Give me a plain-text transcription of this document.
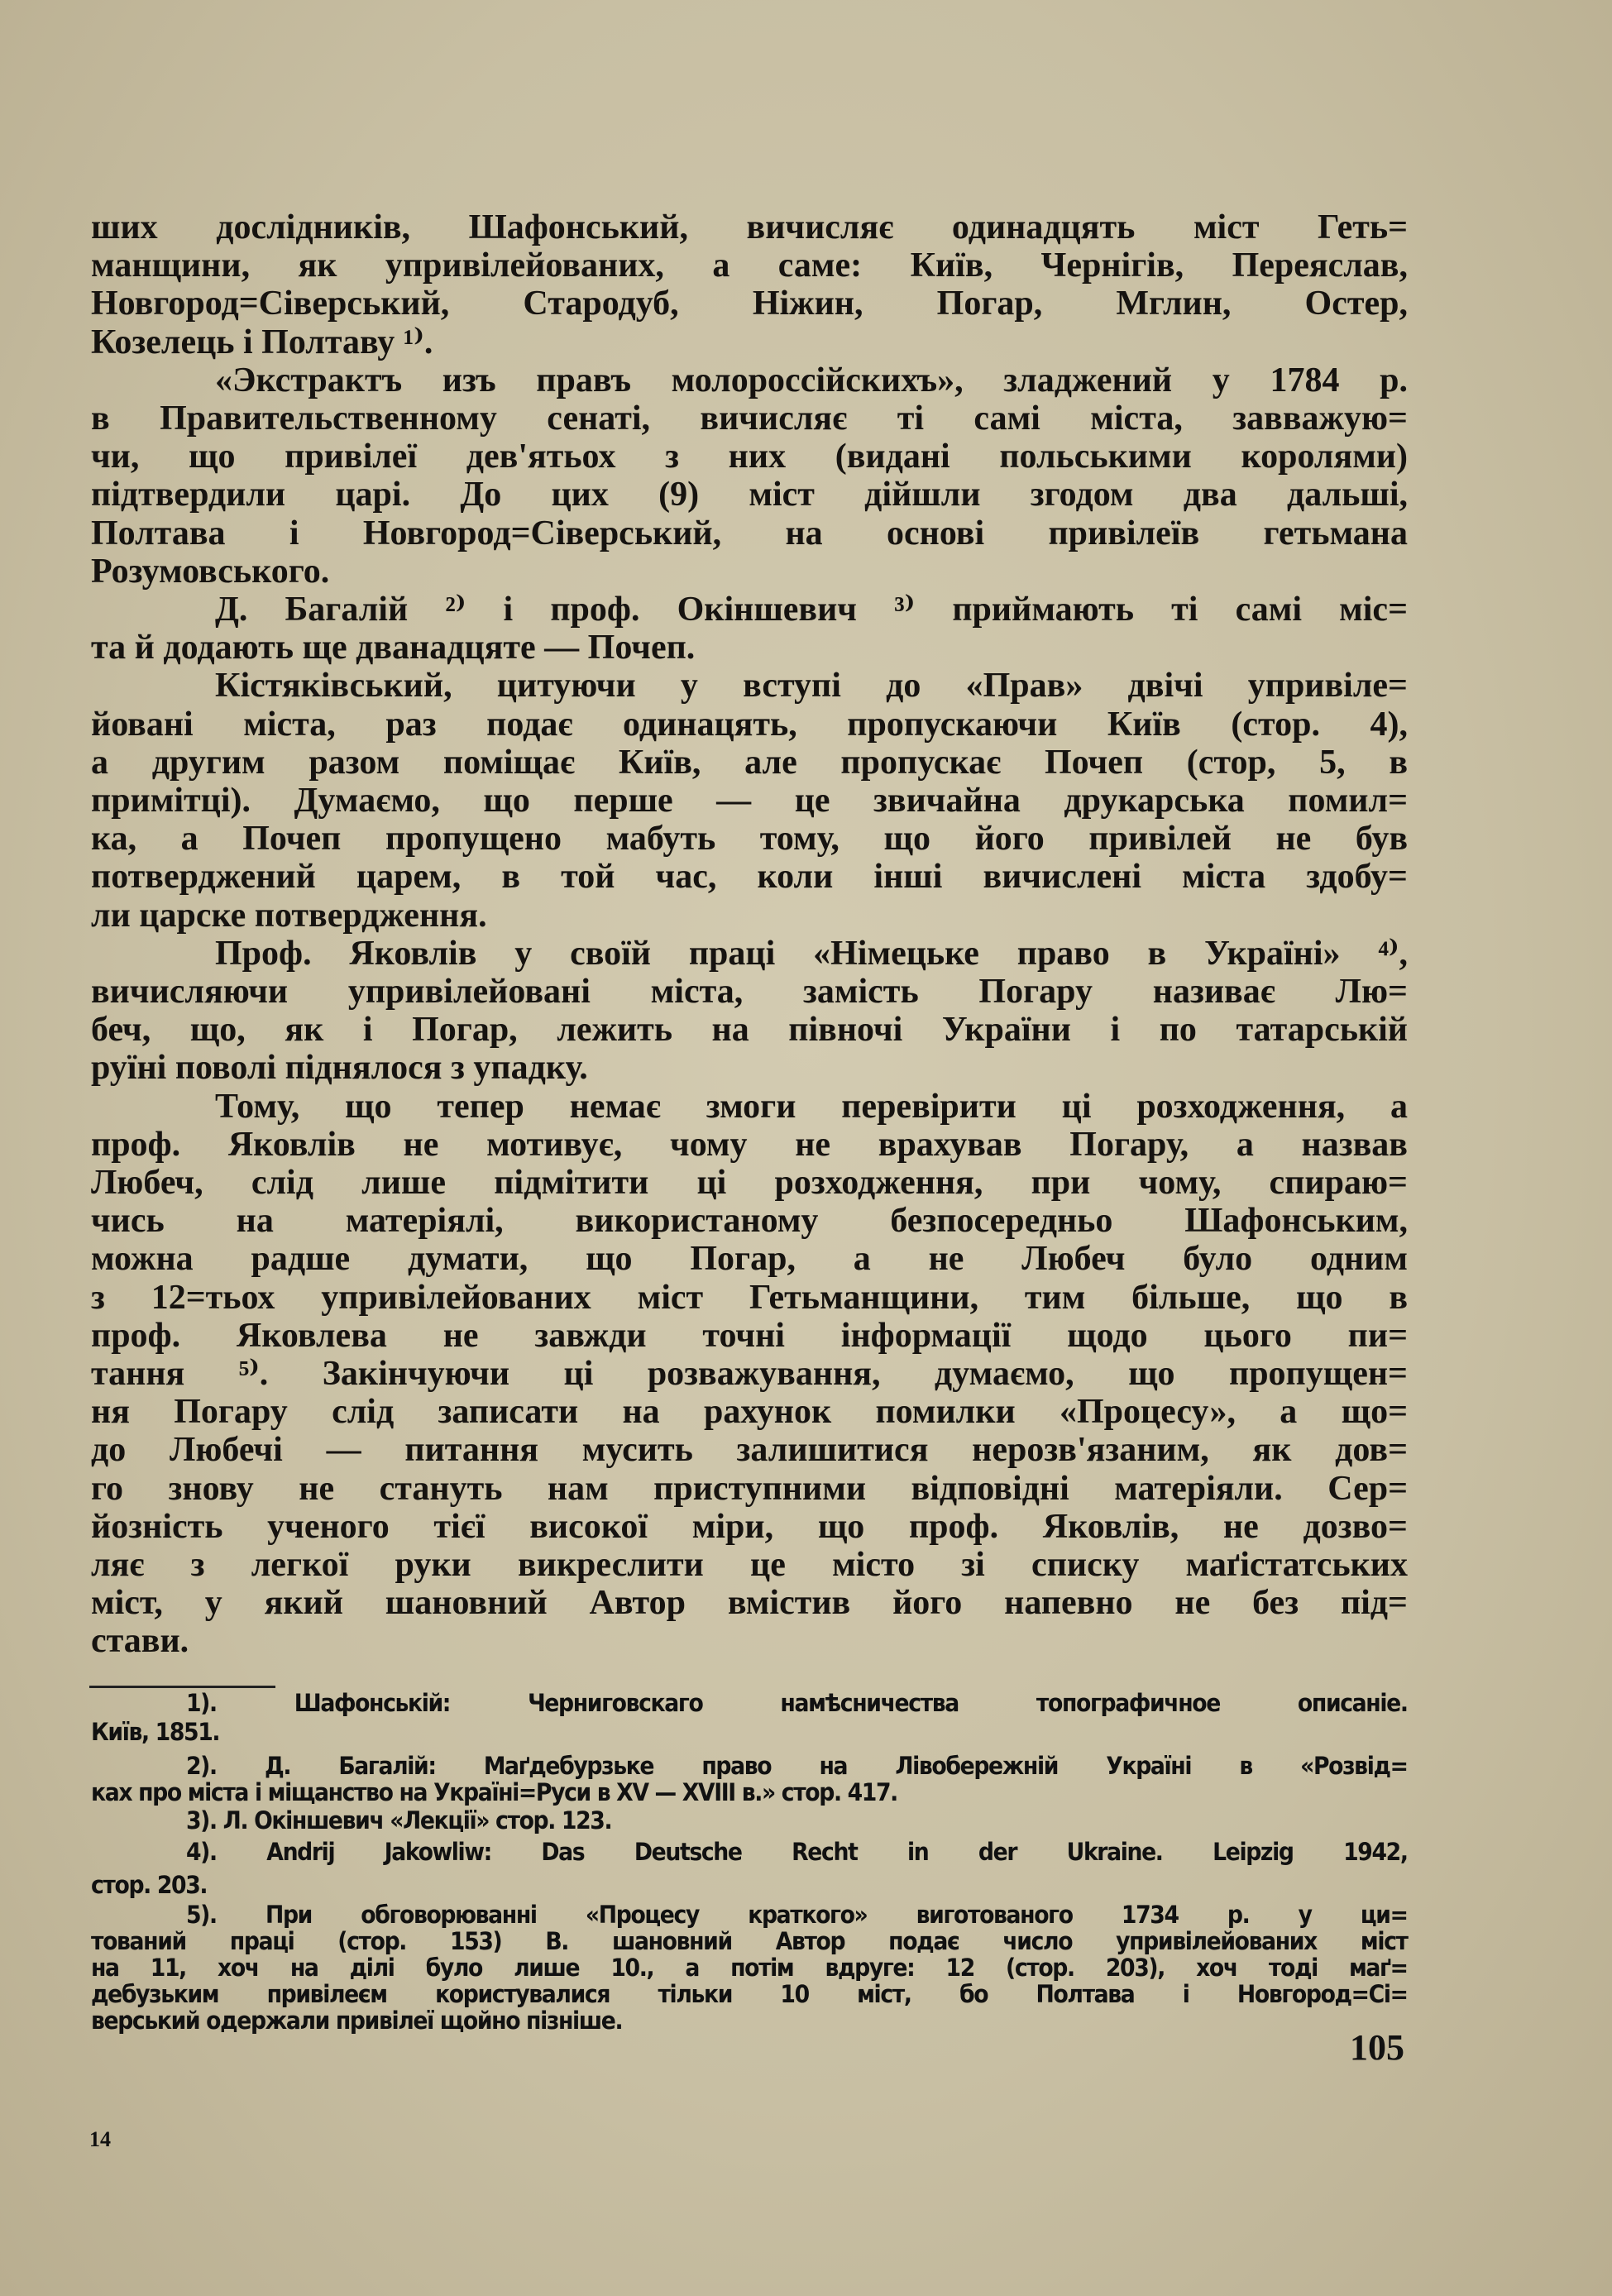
ших дослідників, Шафонський, вичисляє одинадцять міст Геть=
манщини, як упривілейованих, а саме: Київ, Чернігів, Переяслав,
Новгород=Сіверський, Стародуб, Ніжин, Погар, Мглин, Остер,
Козелець і Полтаву ¹⁾.
«Экстрактъ изъ правъ молороссійскихъ», зладжений у 1784 р.
в Правительственному сенаті, вичисляє ті самі міста, завважую=
чи, що привілеї дев'ятьох з них (видані польськими королями)
підтвердили царі. До цих (9) міст дійшли згодом два дальші,
Полтава і Новгород=Сіверський, на основі привілеїв гетьмана
Розумовського.
Д. Багалій ²⁾ і проф. Окіншевич ³⁾ приймають ті самі міс=
та й додають ще дванадцяте — Почеп.
Кістяківський, цитуючи у вступі до «Прав» двічі упривіле=
йовані міста, раз подає одинацять, пропускаючи Київ (стор. 4),
а другим разом поміщає Київ, але пропускає Почеп (стор, 5, в
примітці). Думаємо, що перше — це звичайна друкарська помил=
ка, а Почеп пропущено мабуть тому, що його привілей не був
потверджений царем, в той час, коли інші вичислені міста здобу=
ли царске потвердження.
Проф. Яковлів у своїй праці «Німецьке право в Україні» ⁴⁾,
вичисляючи упривілейовані міста, замість Погару називає Лю=
беч, що, як і Погар, лежить на півночі України і по татарській
руїні поволі піднялося з упадку.
Тому, що тепер немає змоги перевірити ці розходження, а
проф. Яковлів не мотивує, чому не врахував Погару, а назвав
Любеч, слід лише підмітити ці розходження, при чому, спираю=
чись на матеріялі, використаному безпосередньо Шафонським,
можна радше думати, що Погар, а не Любеч було одним
з 12=тьох упривілейованих міст Гетьманщини, тим більше, що в
проф. Яковлева не завжди точні інформації щодо цього пи=
тання ⁵⁾. Закінчуючи ці розважування, думаємо, що пропущен=
ня Погару слід записати на рахунок помилки «Процесу», а що=
до Любечі — питання мусить залишитися нерозв'язаним, як дов=
го знову не стануть нам приступними відповідні матеріяли. Сер=
йозність ученого тієї високої міри, що проф. Яковлів, не дозво=
ляє з легкої руки викреслити це місто зі списку маґістатських
міст, у який шановний Автор вмістив його напевно не без під=
стави.
1). Шафонській: Черниговскаго намѣсничества топографичное описаніе.
Київ, 1851.
2). Д. Багалій: Маґдебурзьке право на Лівобережній Україні в «Розвід=
ках про міста і міщанство на Україні=Руси в XV — XVIII в.» стор. 417.
3). Л. Окіншевич «Лекції» стор. 123.
4). Andrij Jakowliw: Das Deutsche Recht in der Ukraine. Leipzig 1942,
стор. 203.
5). При обговорюванні «Процесу краткого» виготованого 1734 р. у ци=
тований праці (стор. 153) В. шановний Автор подає число упривілейованих міст
на 11, хоч на ділі було лише 10., а потім вдруге: 12 (стор. 203), хоч тоді маґ=
дебузьким привілеєм користувалися тільки 10 міст, бо Полтава і Новгород=Сі=
верський одержали привілеї щойно пізніше.
105
14
